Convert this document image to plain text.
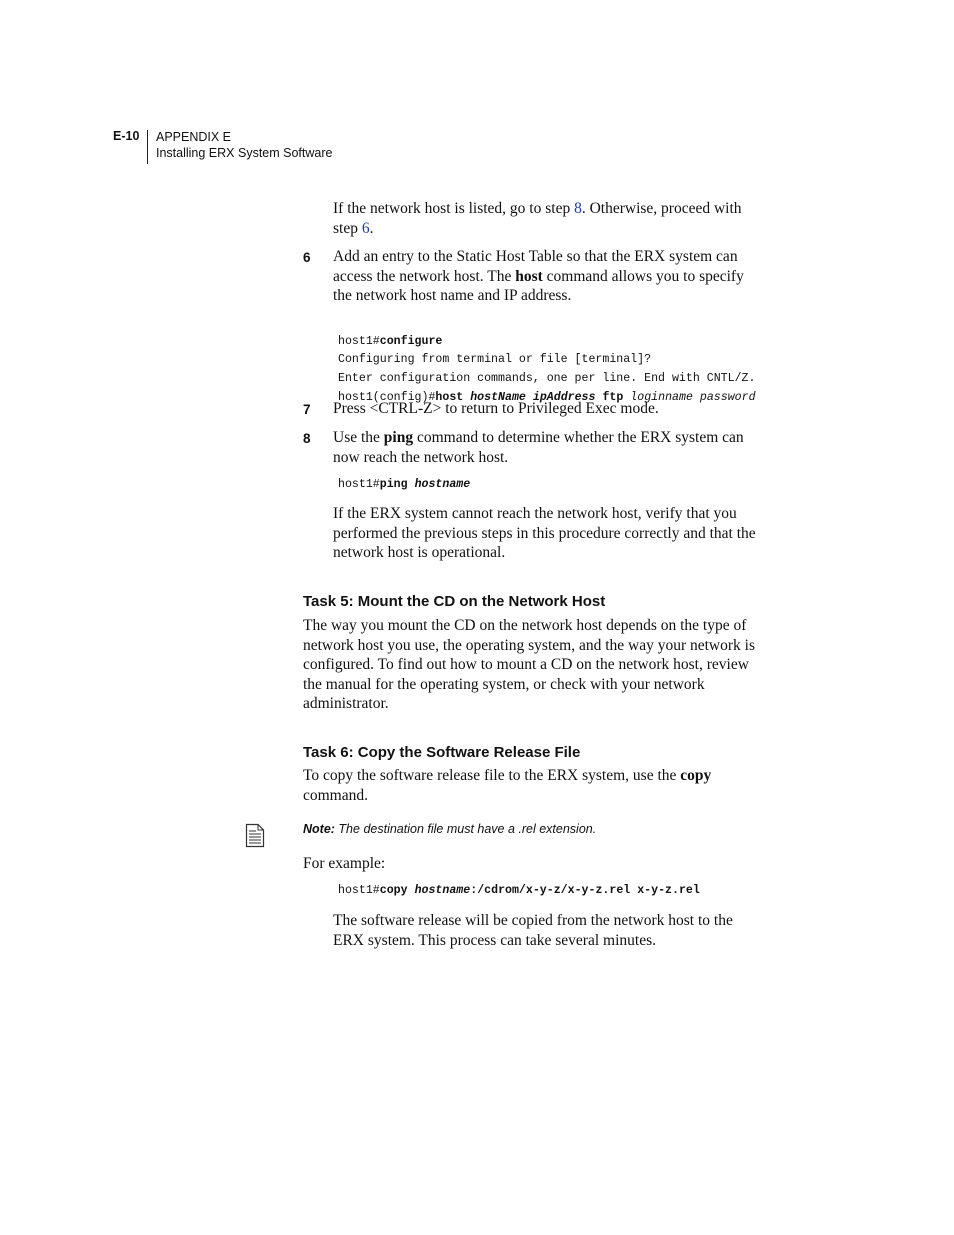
E-10 APPENDIX E
Installing ERX System Software
If the network host is listed, go to step 8. Otherwise, proceed with
step 6.
6 Add an entry to the Static Host Table so that the ERX system can
access the network host. The host command allows you to specify
the network host name and IP address.

host1#configure
Configuring from terminal or file [terminal]?
Enter configuration commands, one per line. End with CNTL/Z.
host1(config)#host hostName ipAddress ftp loginname password

7 Press <CTRL-Z> to return to Privileged Exec mode.
8 Use the ping command to determine whether the ERX system can
now reach the network host.
host1#ping hostname
If the ERX system cannot reach the network host, verify that you
performed the previous steps in this procedure correctly and that the
network host is operational.
Task 5: Mount the CD on the Network Host
The way you mount the CD on the network host depends on the type of
network host you use, the operating system, and the way your network is
configured. To find out how to mount a CD on the network host, review
the manual for the operating system, or check with your network
administrator.
Task 6: Copy the Software Release File
To copy the software release file to the ERX system, use the copy
command.
Note: The destination file must have a .rel extension.
For example:
host1#copy hostname:/cdrom/x-y-z/x-y-z.rel x-y-z.rel
The software release will be copied from the network host to the
ERX system. This process can take several minutes.
